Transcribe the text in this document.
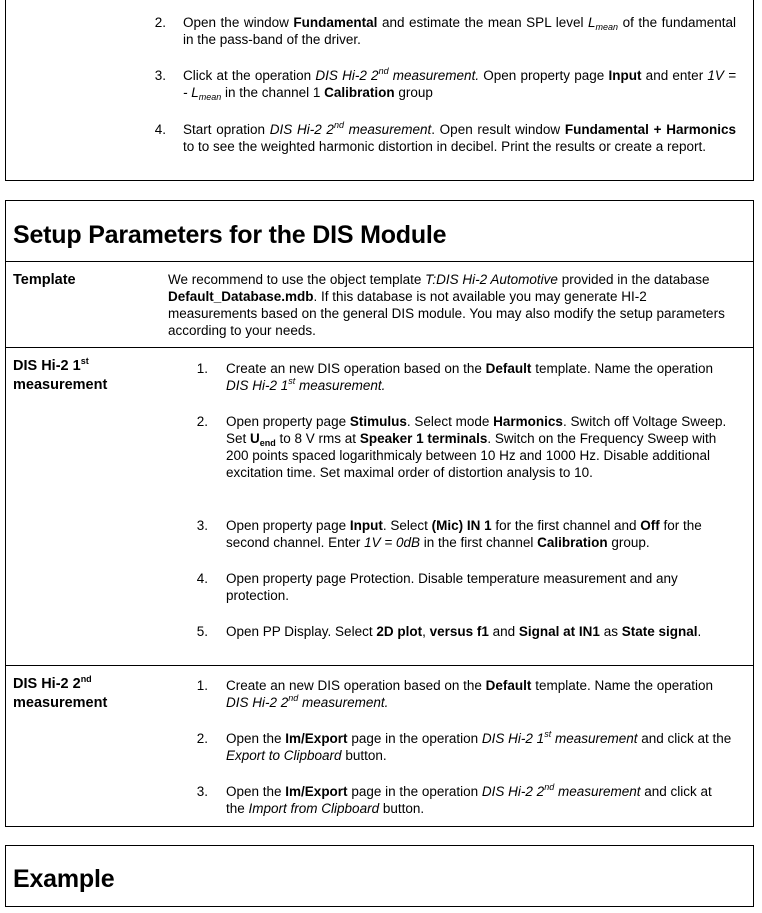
2. Open the window Fundamental and estimate the mean SPL level $L_{mean}$ of the fundamental in the pass-band of the driver.
3. Click at the operation DIS Hi-2 2nd measurement. Open property page Input and enter 1V = - $L_{mean}$ in the channel 1 Calibration group
4. Start opration DIS Hi-2 2nd measurement. Open result window Fundamental + Harmonics to to see the weighted harmonic distortion in decibel. Print the results or create a report.
Setup Parameters for the DIS Module
Template	We recommend to use the object template T:DIS Hi-2 Automotive provided in the database Default_Database.mdb. If this database is not available you may generate HI-2 measurements based on the general DIS module. You may also modify the setup parameters according to your needs.
DIS Hi-2 1st
measurement
1. Create an new DIS operation based on the Default template. Name the operation DIS Hi-2 1st measurement.
2. Open property page Stimulus. Select mode Harmonics. Switch off Voltage Sweep. Set $U_{end}$ to 8 V rms at Speaker 1 terminals. Switch on the Frequency Sweep with 200 points spaced logarithmicaly between 10 Hz and 1000 Hz. Disable additional excitation time. Set maximal order of distortion analysis to 10.
3. Open property page Input. Select (Mic) IN 1 for the first channel and Off for the second channel. Enter 1V = 0dB in the first channel Calibration group.
4. Open property page Protection. Disable temperature measurement and any protection.
5. Open PP Display. Select 2D plot, versus f1 and Signal at IN1 as State signal.
DIS Hi-2 2nd
measurement
1. Create an new DIS operation based on the Default template. Name the operation DIS Hi-2 2nd measurement.
2. Open the Im/Export page in the operation DIS Hi-2 1st measurement and click at the Export to Clipboard button.
3. Open the Im/Export page in the operation DIS Hi-2 2nd measurement and click at the Import from Clipboard button.
Example
